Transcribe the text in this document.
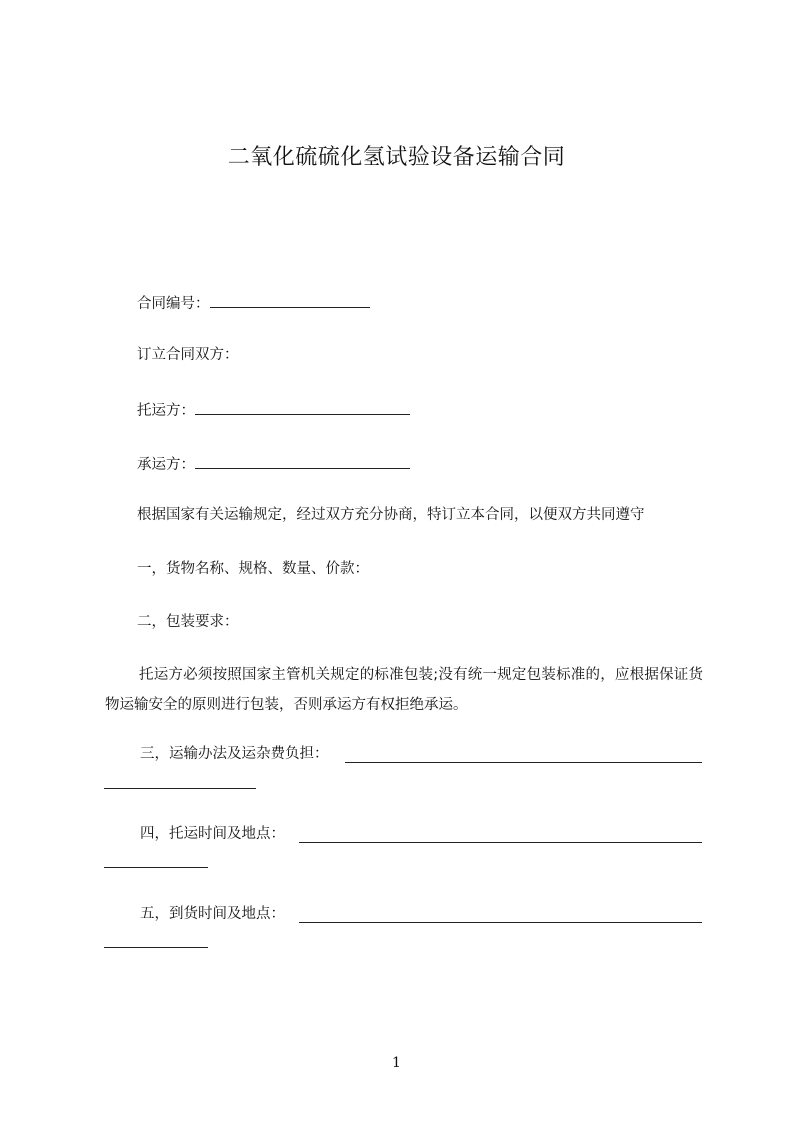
二氧化硫硫化氢试验设备运输合同
合同编号：
订立合同双方：
托运方：
承运方：
根据国家有关运输规定，经过双方充分协商，特订立本合同，以便双方共同遵守
一，货物名称、规格、数量、价款：
二，包装要求：
托运方必须按照国家主管机关规定的标准包装;没有统一规定包装标准的，应根据保证货物运输安全的原则进行包装，否则承运方有权拒绝承运。
三，运输办法及运杂费负担：
四，托运时间及地点：
五，到货时间及地点：
1
